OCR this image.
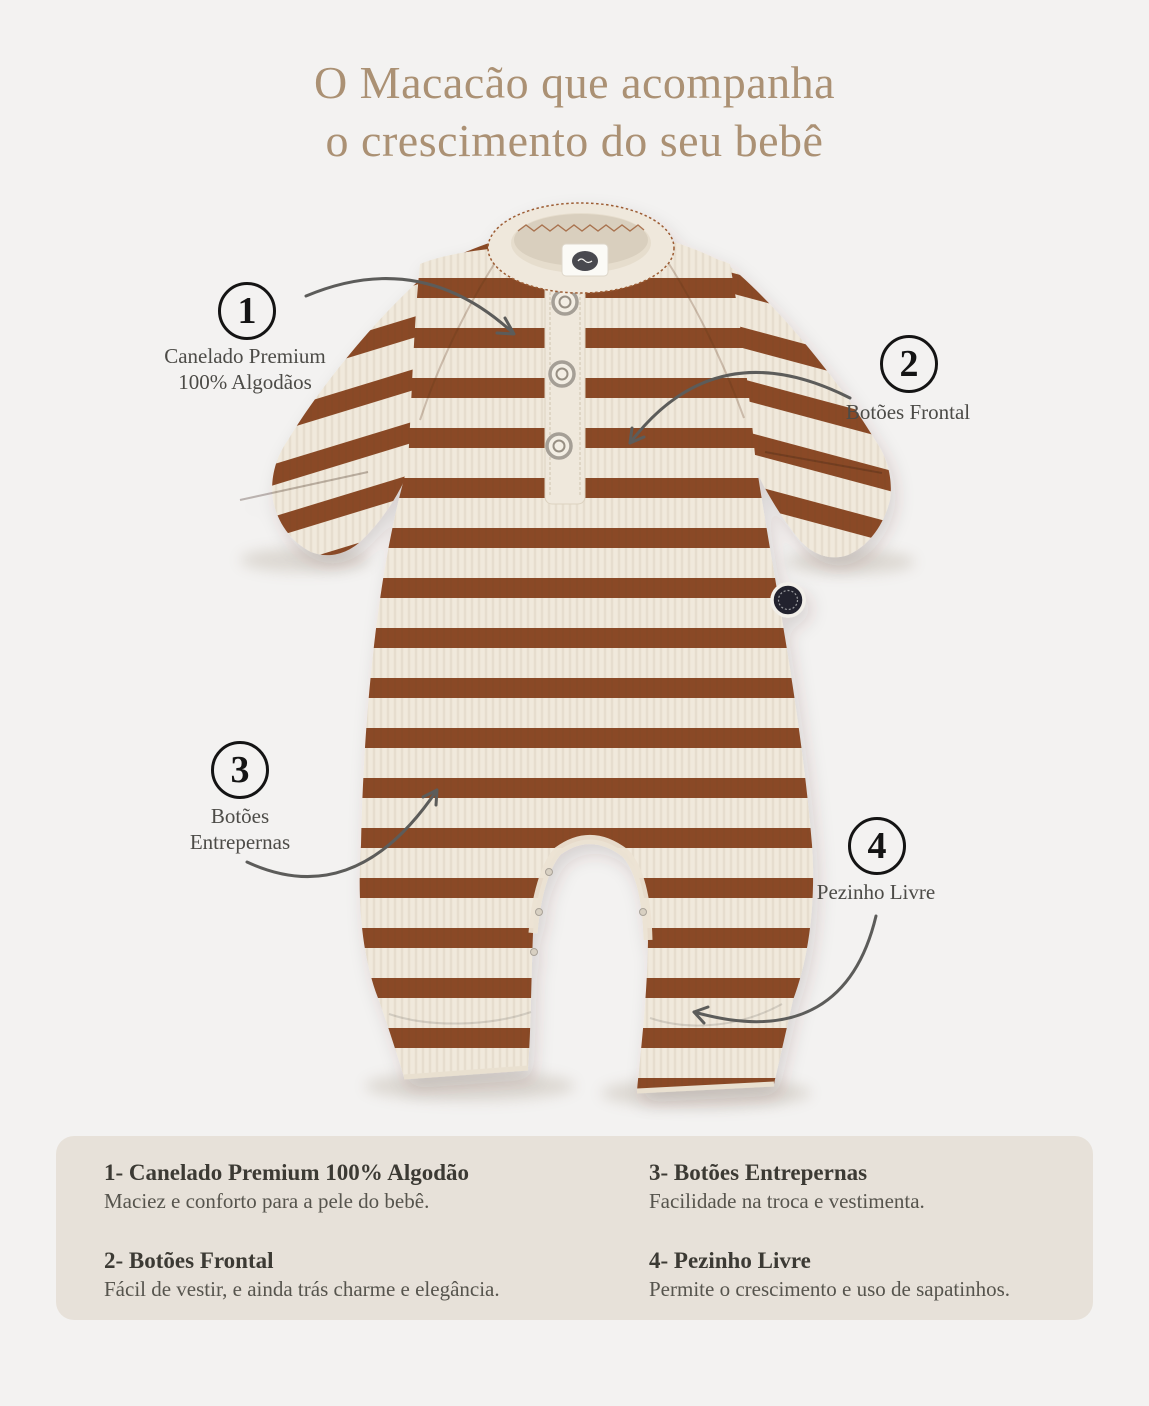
O Macacão que acompanha
o crescimento do seu bebê
1
Canelado Premium
100% Algodãos	2
Botões Frontal
3
Botões
Entrepernas	4
Pezinho Livre
1- Canelado Premium 100% Algodão

Maciez e conforto para a pele do bebê.

2- Botões Frontal

Fácil de vestir, e ainda trás charme e elegância.

3- Botões Entrepernas

Facilidade na troca e vestimenta.

4- Pezinho Livre

Permite o crescimento e uso de sapatinhos.
